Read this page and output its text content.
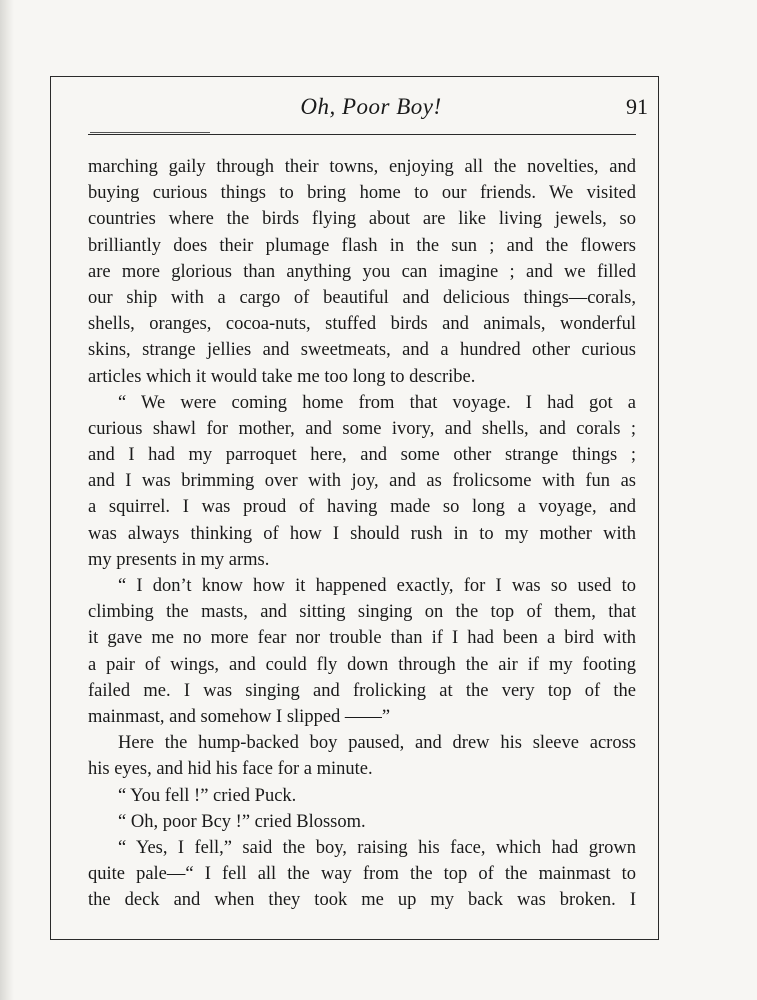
Oh, Poor Boy!	91
marching gaily through their towns, enjoying all the novelties, and
buying curious things to bring home to our friends. We visited
countries where the birds flying about are like living jewels, so
brilliantly does their plumage flash in the sun ; and the flowers
are more glorious than anything you can imagine ; and we filled
our ship with a cargo of beautiful and delicious things—corals,
shells, oranges, cocoa-nuts, stuffed birds and animals, wonderful
skins, strange jellies and sweetmeats, and a hundred other curious
articles which it would take me too long to describe.
“ We were coming home from that voyage. I had got a
curious shawl for mother, and some ivory, and shells, and corals ;
and I had my parroquet here, and some other strange things ;
and I was brimming over with joy, and as frolicsome with fun as
a squirrel. I was proud of having made so long a voyage, and
was always thinking of how I should rush in to my mother with
my presents in my arms.
“ I don’t know how it happened exactly, for I was so used to
climbing the masts, and sitting singing on the top of them, that
it gave me no more fear nor trouble than if I had been a bird with
a pair of wings, and could fly down through the air if my footing
failed me. I was singing and frolicking at the very top of the
mainmast, and somehow I slipped ——”
Here the hump-backed boy paused, and drew his sleeve across
his eyes, and hid his face for a minute.
“ You fell !” cried Puck.
“ Oh, poor Bcy !” cried Blossom.
“ Yes, I fell,” said the boy, raising his face, which had grown
quite pale—“ I fell all the way from the top of the mainmast to
the deck and when they took me up my back was broken. I
